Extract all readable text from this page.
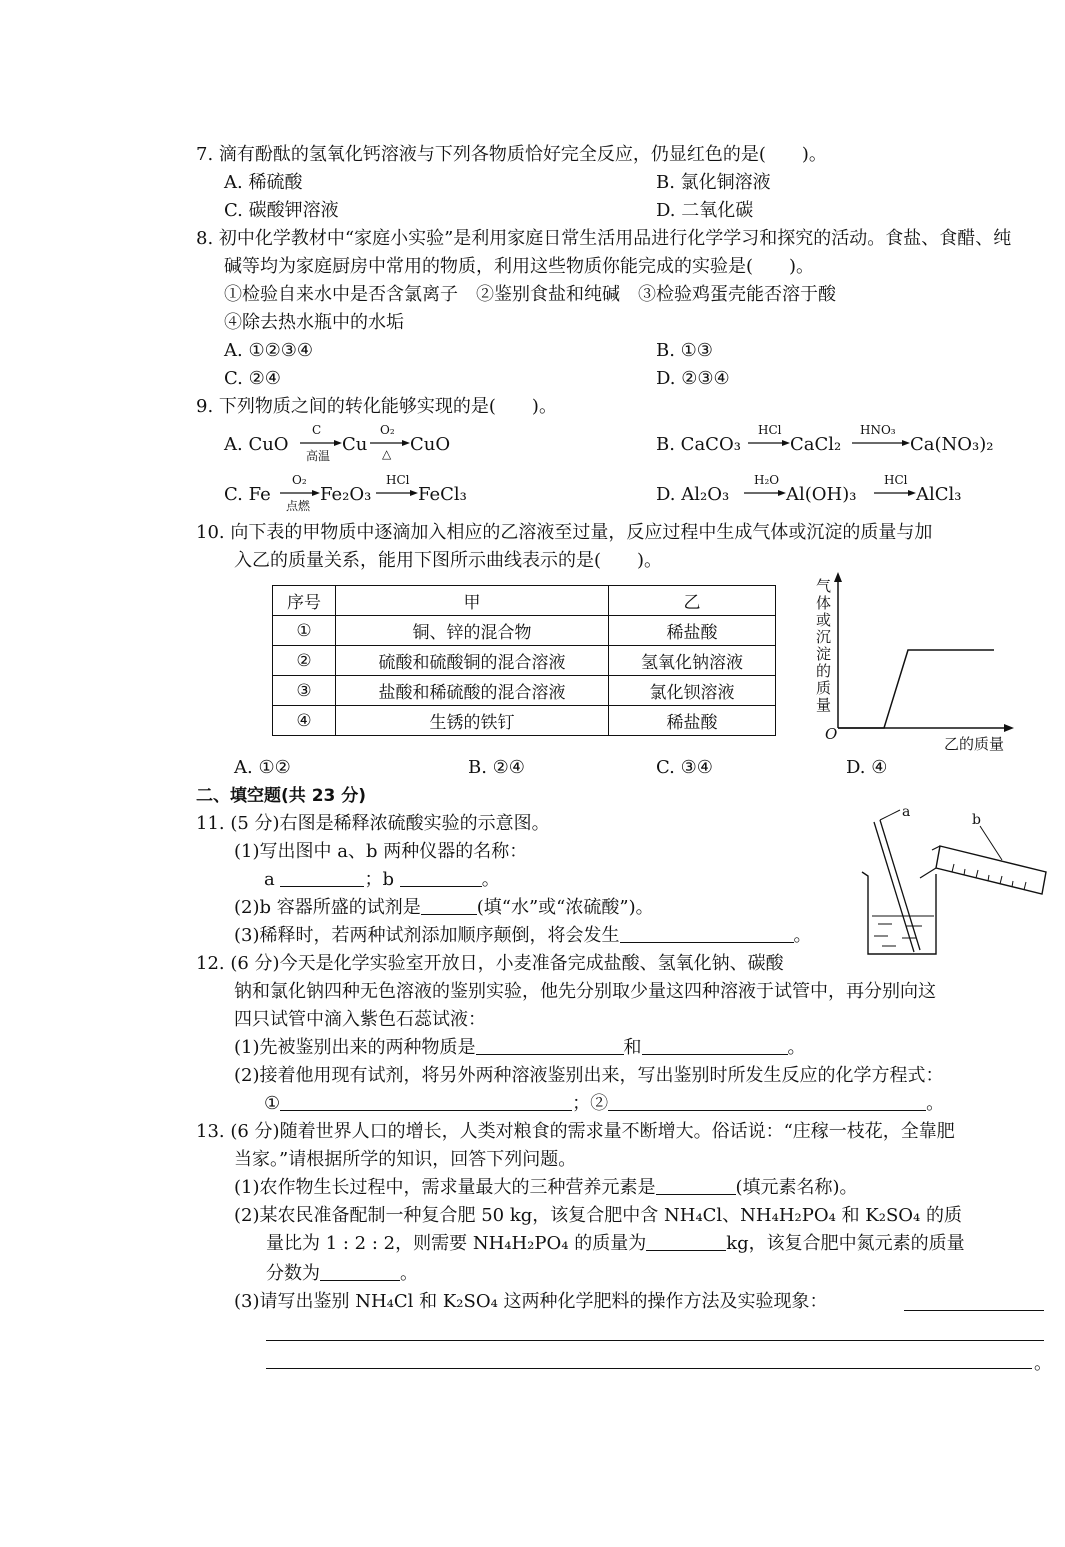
7. 滴有酚酞的氢氧化钙溶液与下列各物质恰好完全反应，仍显红色的是(　　)。
A. 稀硫酸	B. 氯化铜溶液
C. 碳酸钾溶液	D. 二氧化碳
8. 初中化学教材中“家庭小实验”是利用家庭日常生活用品进行化学学习和探究的活动。食盐、食醋、纯
碱等均为家庭厨房中常用的物质，利用这些物质你能完成的实验是(　　)。
①检验自来水中是否含氯离子　②鉴别食盐和纯碱　③检验鸡蛋壳能否溶于酸
④除去热水瓶中的水垢
A. ①②③④	B. ①③
C. ②④	D. ②③④
9. 下列物质之间的转化能够实现的是(　　)。
A. CuO
C
高温
Cu
O₂
△ CuO	B. CaCO₃
HCl
→ CaCl₂
HNO₃
→ Ca(NO₃)₂
C. Fe
O₂
点燃
Fe₂O₃
HCl
→ FeCl₃	D. Al₂O₃
H₂O
→ Al(OH)₃
HCl
→ AlCl₃
10. 向下表的甲物质中逐滴加入相应的乙溶液至过量，反应过程中生成气体或沉淀的质量与加
入乙的质量关系，能用下图所示曲线表示的是(　　)。
序号	甲	乙
①	铜、锌的混合物	稀盐酸
②	硫酸和硫酸铜的混合溶液	氢氧化钠溶液
③	盐酸和稀硫酸的混合溶液	氯化钡溶液
④	生锈的铁钉	稀盐酸
气体或沉淀的质量
O
乙的质量
A. ①②	B. ②④	C. ③④	D. ④
二、填空题(共 23 分)
11. (5 分)右图是稀释浓硫酸实验的示意图。
(1)写出图中 a、b 两种仪器的名称：
a	；b	。
(2)b 容器所盛的试剂是	(填“水”或“浓硫酸”)。
(3)稀释时，若两种试剂添加顺序颠倒，将会发生	。
a	b
12. (6 分)今天是化学实验室开放日，小麦准备完成盐酸、氢氧化钠、碳酸
钠和氯化钠四种无色溶液的鉴别实验，他先分别取少量这四种溶液于试管中，再分别向这
四只试管中滴入紫色石蕊试液：
(1)先被鉴别出来的两种物质是	和	。
(2)接着他用现有试剂，将另外两种溶液鉴别出来，写出鉴别时所发生反应的化学方程式：
①	；②	。
13. (6 分)随着世界人口的增长，人类对粮食的需求量不断增大。俗话说：“庄稼一枝花，全靠肥
当家。”请根据所学的知识，回答下列问题。
(1)农作物生长过程中，需求量最大的三种营养元素是	(填元素名称)。
(2)某农民准备配制一种复合肥 50 kg，该复合肥中含 NH₄Cl、NH₄H₂PO₄ 和 K₂SO₄ 的质
量比为 1 : 2 : 2，则需要 NH₄H₂PO₄ 的质量为	kg，该复合肥中氮元素的质量
分数为	。
(3)请写出鉴别 NH₄Cl 和 K₂SO₄ 这两种化学肥料的操作方法及实验现象：
。
